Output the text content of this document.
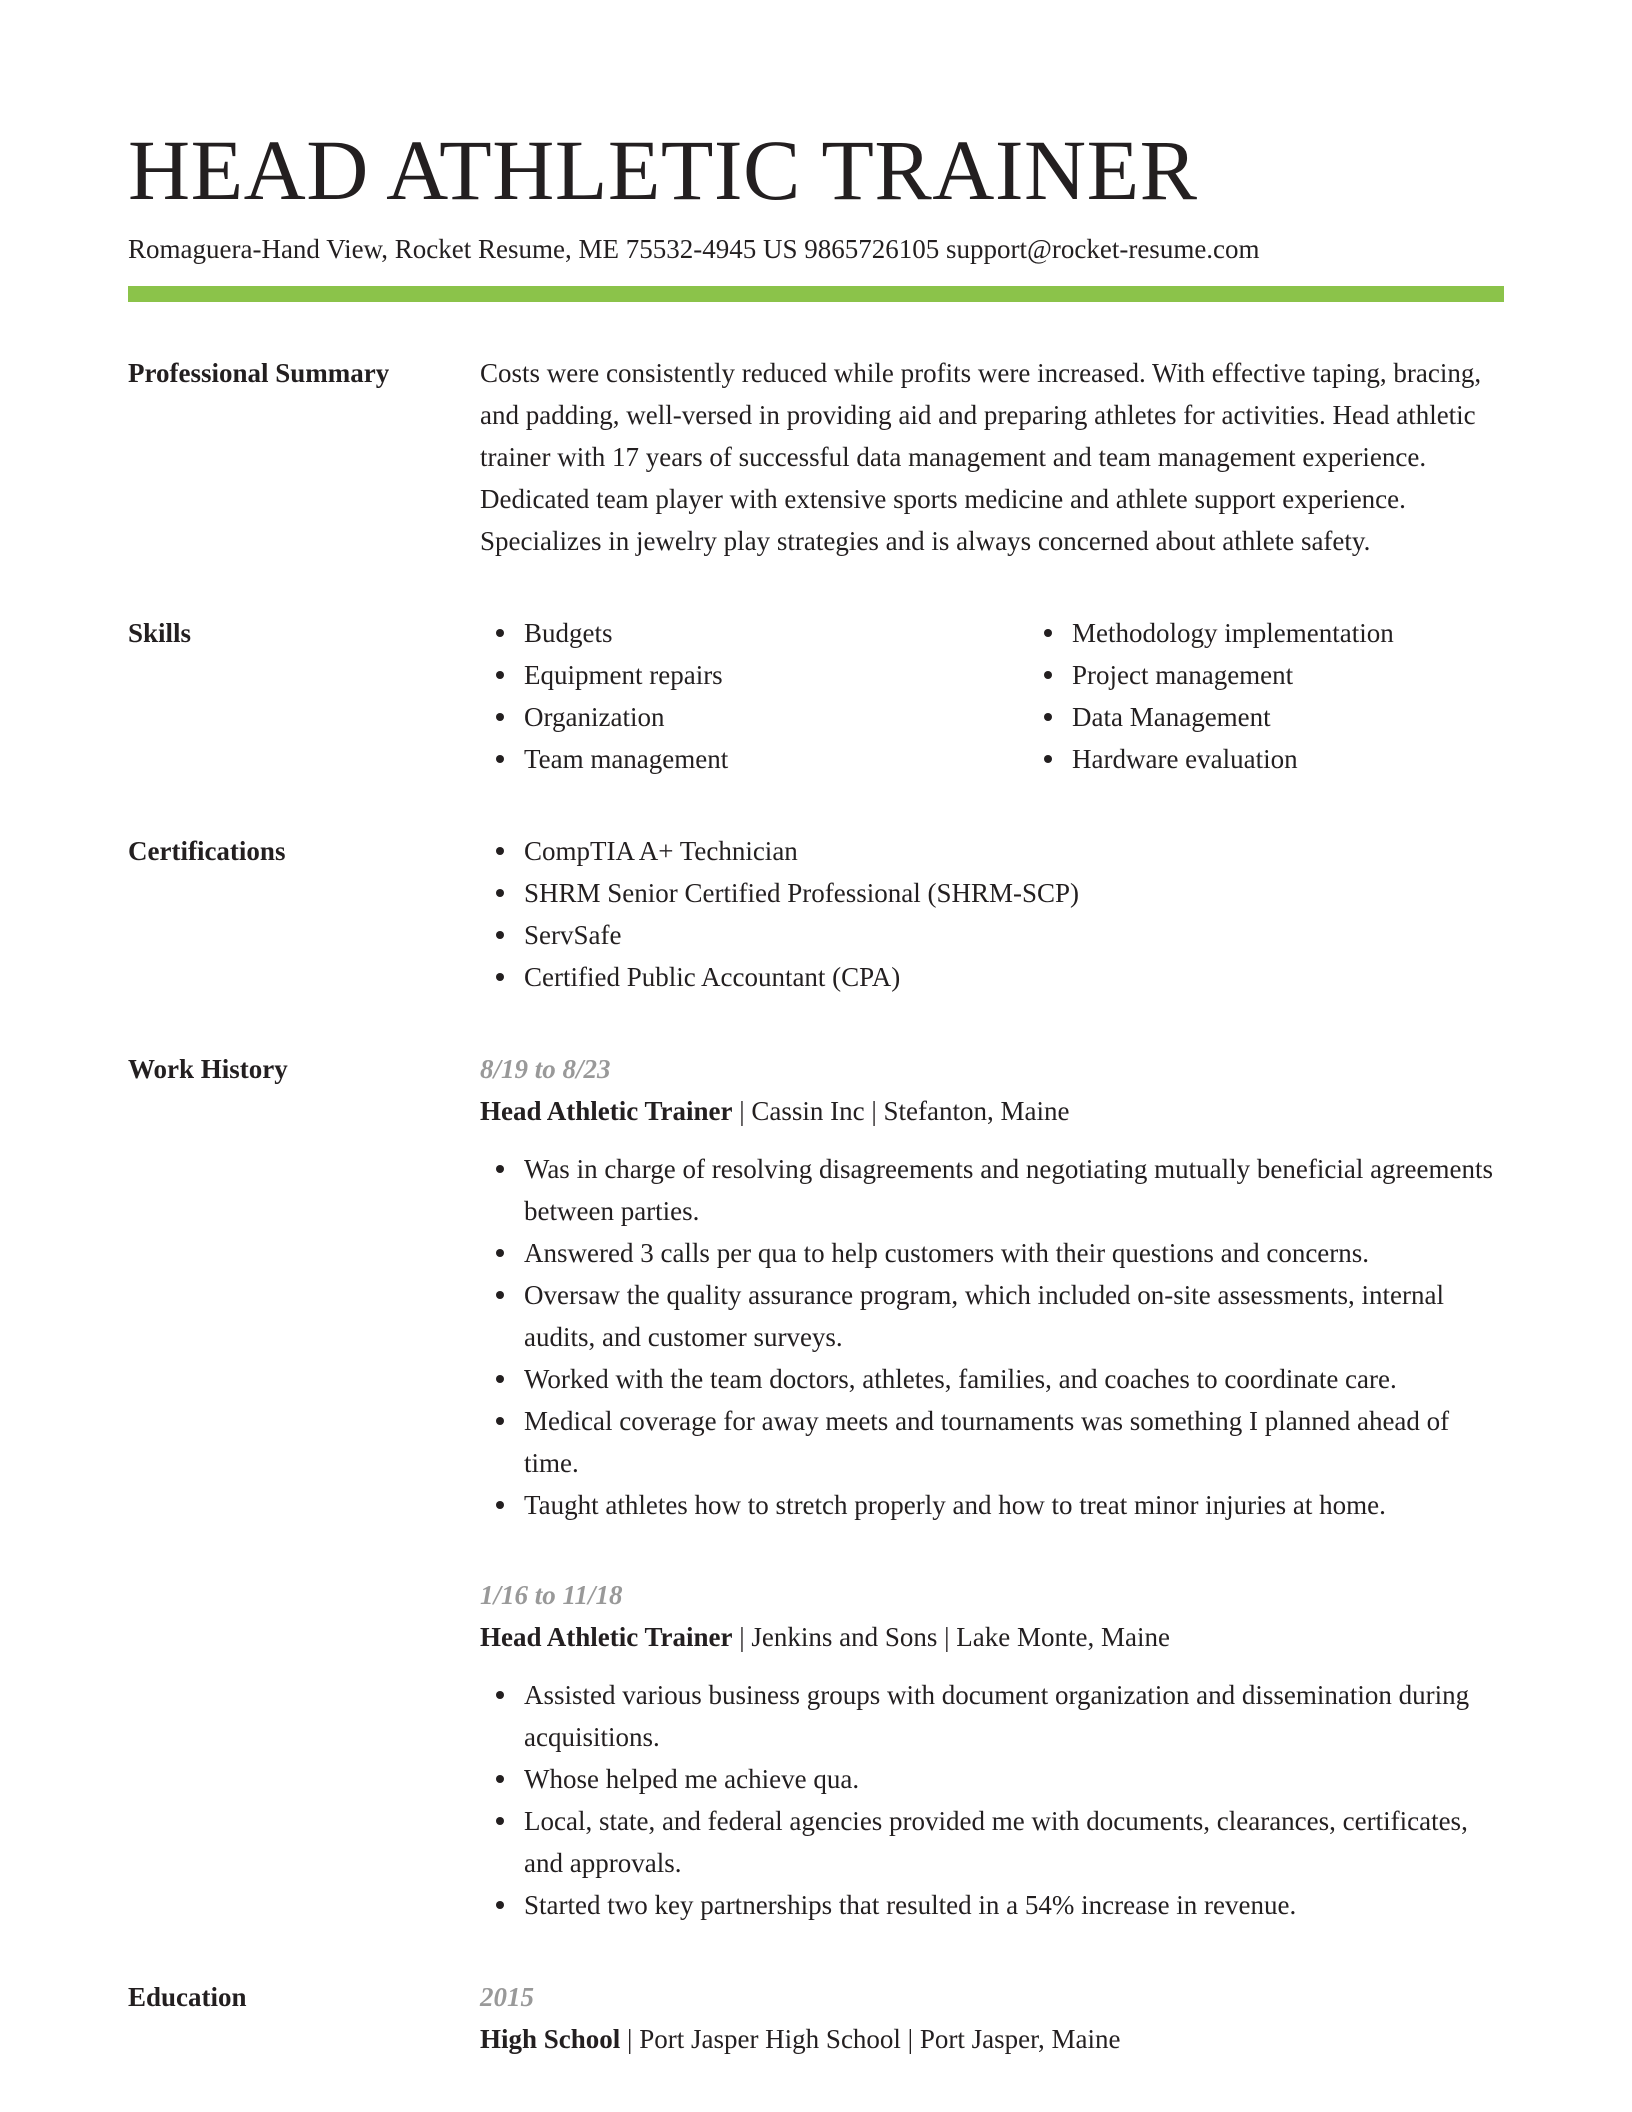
HEAD ATHLETIC TRAINER
Romaguera-Hand View, Rocket Resume, ME 75532-4945 US 9865726105 support@rocket-resume.com
Professional Summary	Costs were consistently reduced while profits were increased. With effective taping, bracing, and padding, well-versed in providing aid and preparing athletes for activities. Head athletic trainer with 17 years of successful data management and team management experience. Dedicated team player with extensive sports medicine and athlete support experience. Specializes in jewelry play strategies and is always concerned about athlete safety.

Skills	Budgets
Equipment repairs
Organization
Team management
Methodology implementation
Project management
Data Management
Hardware evaluation
Certifications	CompTIA A+ Technician
SHRM Senior Certified Professional (SHRM-SCP)
ServSafe
Certified Public Accountant (CPA)
Work History	8/19 to 8/23
Head Athletic Trainer | Cassin Inc | Stefanton, Maine
Was in charge of resolving disagreements and negotiating mutually beneficial agreements between parties.
Answered 3 calls per qua to help customers with their questions and concerns.
Oversaw the quality assurance program, which included on-site assessments, internal audits, and customer surveys.
Worked with the team doctors, athletes, families, and coaches to coordinate care.
Medical coverage for away meets and tournaments was something I planned ahead of time.
Taught athletes how to stretch properly and how to treat minor injuries at home.
1/16 to 11/18
Head Athletic Trainer | Jenkins and Sons | Lake Monte, Maine
Assisted various business groups with document organization and dissemination during acquisitions.
Whose helped me achieve qua.
Local, state, and federal agencies provided me with documents, clearances, certificates, and approvals.
Started two key partnerships that resulted in a 54% increase in revenue.
Education	2015
High School | Port Jasper High School | Port Jasper, Maine
